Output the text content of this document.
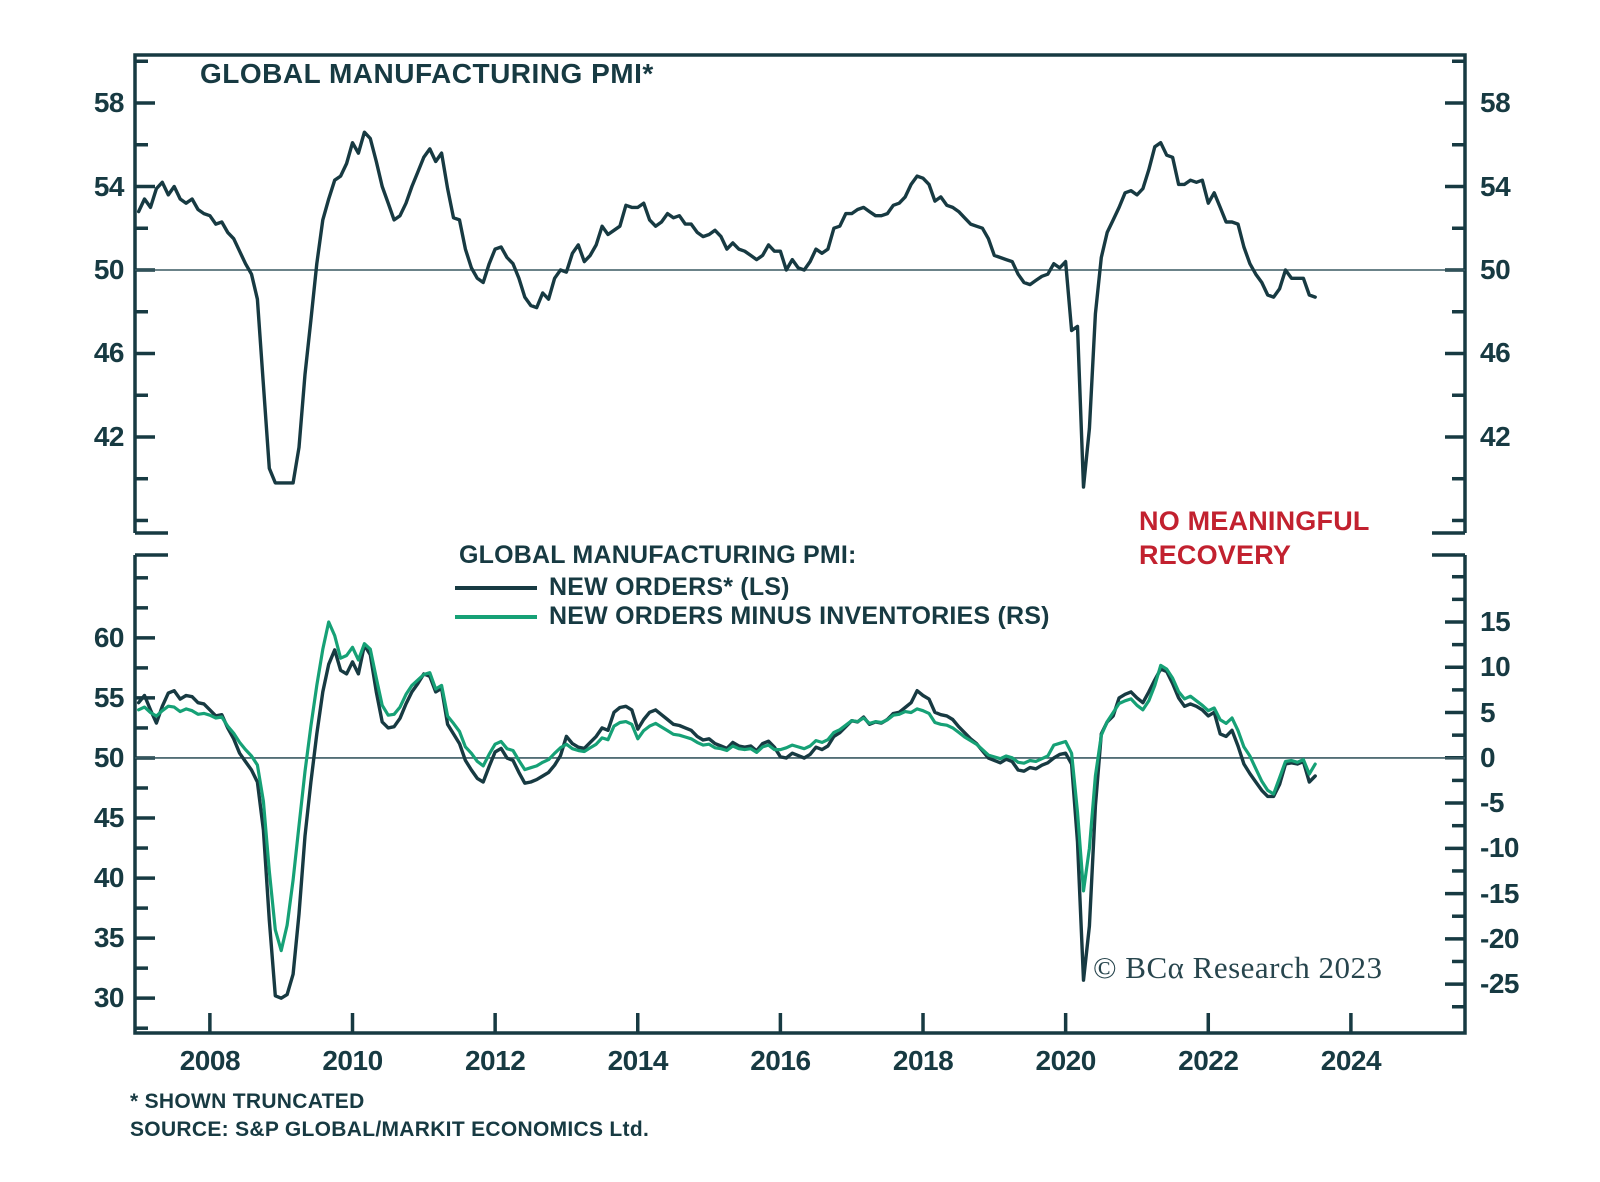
42	42
46	46
50	50
54	54
58	58
30
35
40
45
50
55
60
-25
-20
-15
-10
-5
0
5
10
15
2008	2010	2012	2014	2016	2018	2020	2022	2024
GLOBAL MANUFACTURING PMI*
GLOBAL MANUFACTURING PMI:
NEW ORDERS* (LS)
NEW ORDERS MINUS INVENTORIES (RS)
NO MEANINGFUL
RECOVERY
© BCα Research 2023
* SHOWN TRUNCATED
SOURCE: S&P GLOBAL/MARKIT ECONOMICS Ltd.
